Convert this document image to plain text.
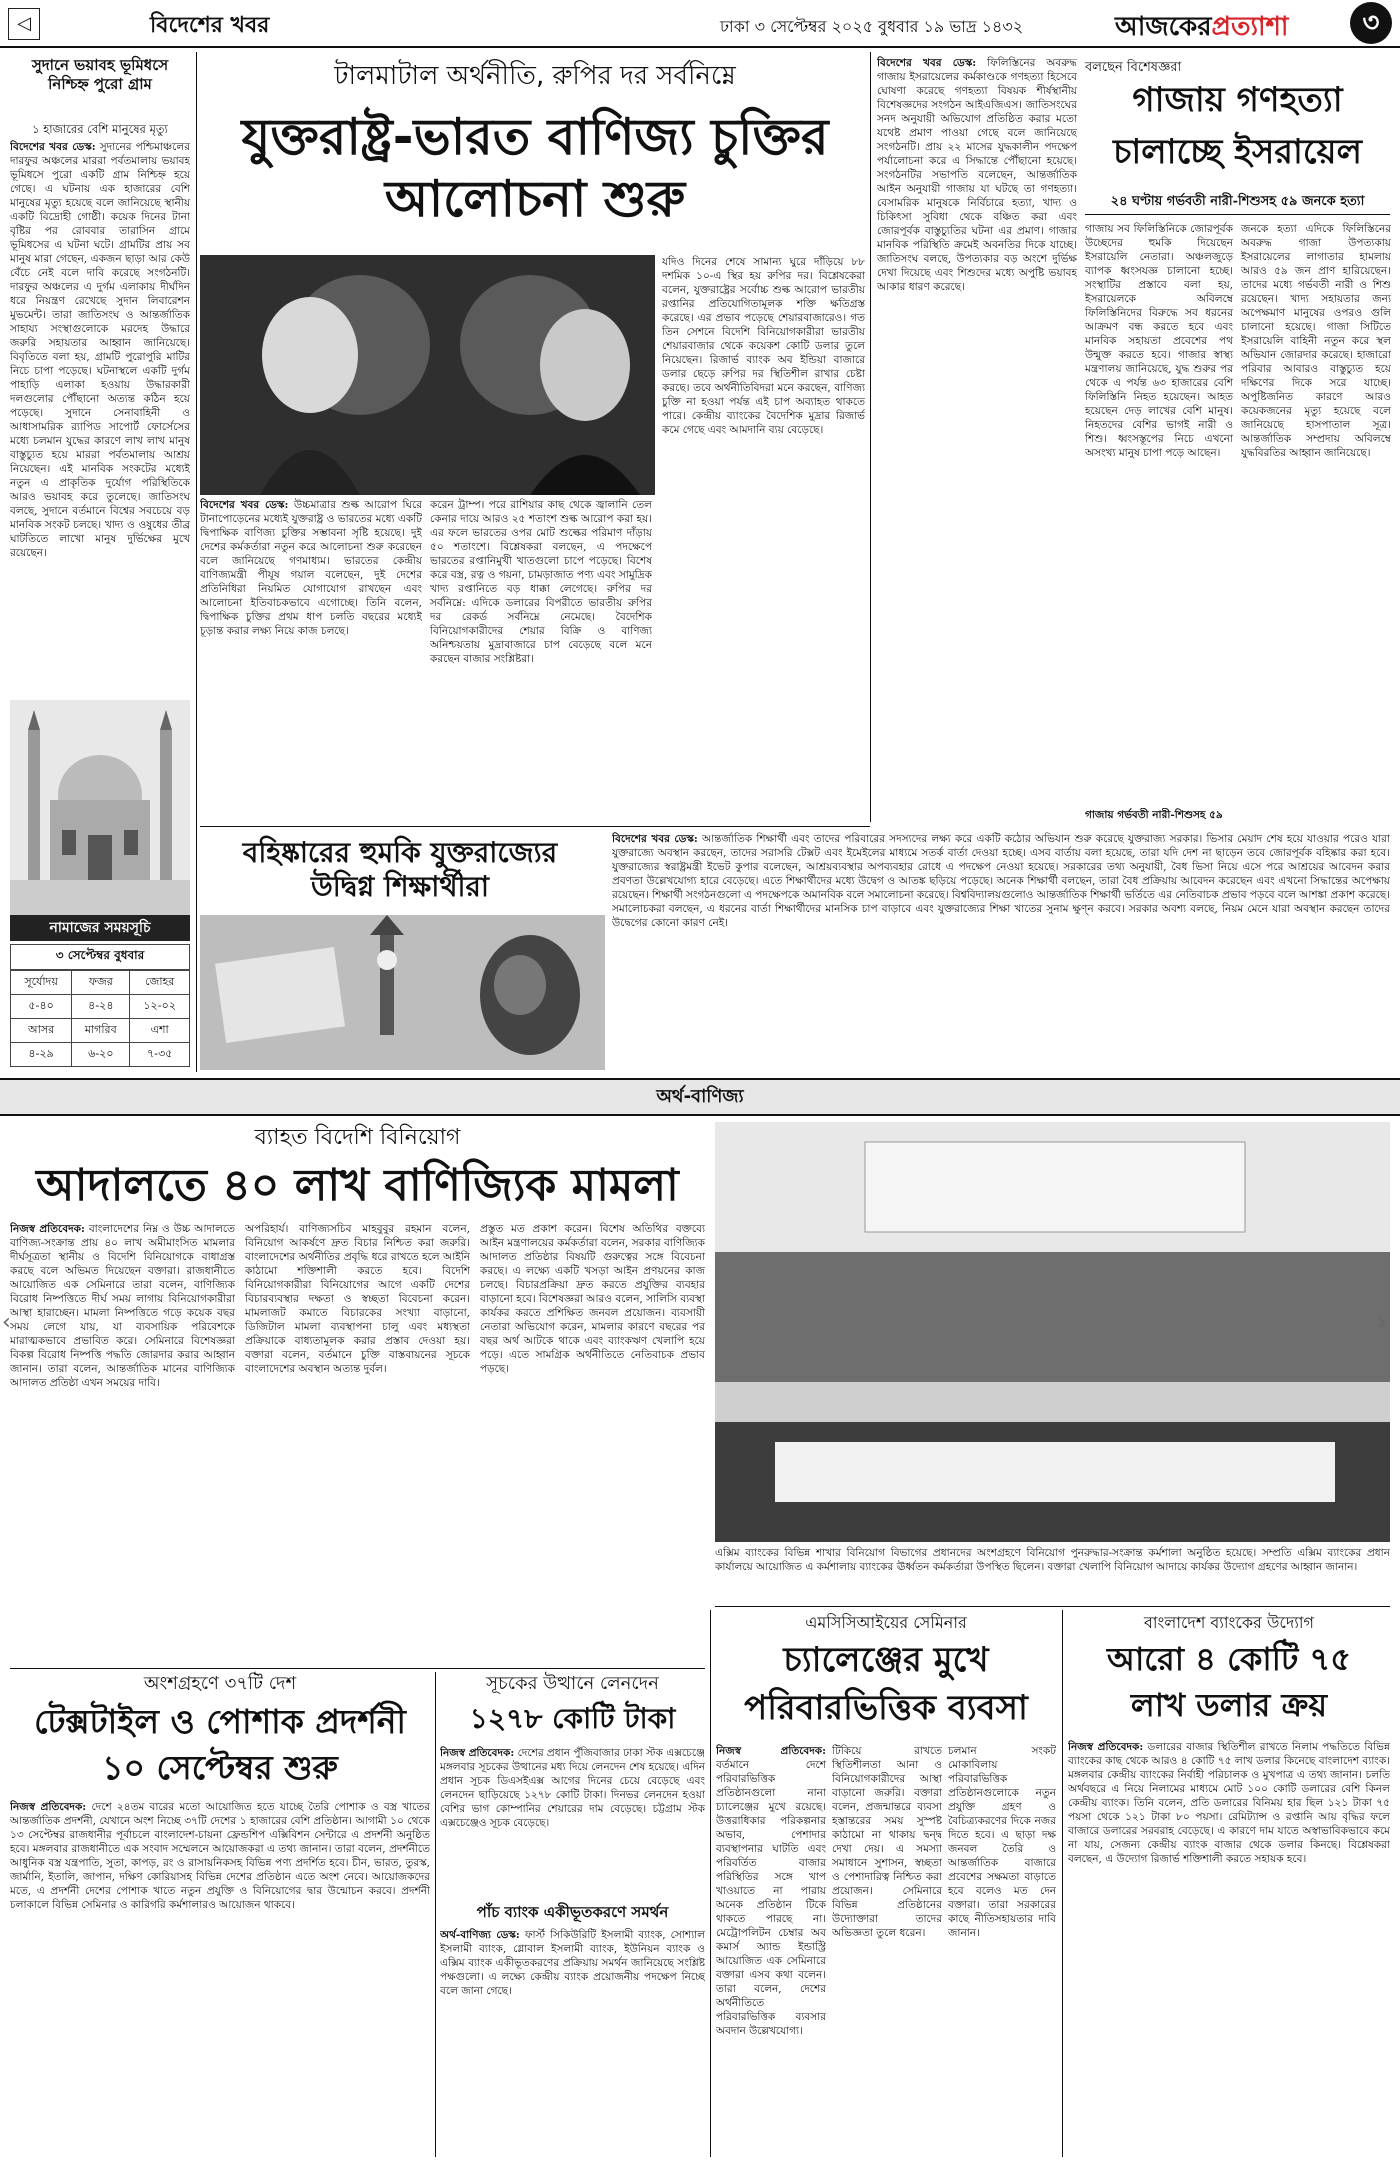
◁	বিদেশের খবর	ঢাকা ৩ সেপ্টেম্বর ২০২৫ বুধবার ১৯ ভাদ্র ১৪৩২	আজকেরপ্রত্যাশা	৩
সুদানে ভয়াবহ ভূমিধসে নিশ্চিহ্ন পুরো গ্রাম
১ হাজারের বেশি মানুষের মৃত্যু
বিদেশের খবর ডেস্ক: সুদানের পশ্চিমাঞ্চলের দারফুর অঞ্চলের মাররা পর্বতমালায় ভয়াবহ ভূমিধসে পুরো একটি গ্রাম নিশ্চিহ্ন হয়ে গেছে। এ ঘটনায় এক হাজারের বেশি মানুষের মৃত্যু হয়েছে বলে জানিয়েছে স্থানীয় একটি বিদ্রোহী গোষ্ঠী। কয়েক দিনের টানা বৃষ্টির পর রোববার তারাসিন গ্রামে ভূমিধসের এ ঘটনা ঘটে। গ্রামটির প্রায় সব মানুষ মারা গেছেন, একজন ছাড়া আর কেউ বেঁচে নেই বলে দাবি করেছে সংগঠনটি। দারফুর অঞ্চলের এ দুর্গম এলাকায় দীর্ঘদিন ধরে নিয়ন্ত্রণ রেখেছে সুদান লিবারেশন মুভমেন্ট। তারা জাতিসংঘ ও আন্তর্জাতিক সাহায্য সংস্থাগুলোকে মরদেহ উদ্ধারে জরুরি সহায়তার আহ্বান জানিয়েছে। বিবৃতিতে বলা হয়, গ্রামটি পুরোপুরি মাটির নিচে চাপা পড়েছে। ঘটনাস্থলে একটি দুর্গম পাহাড়ি এলাকা হওয়ায় উদ্ধারকারী দলগুলোর পৌঁছানো অত্যন্ত কঠিন হয়ে পড়েছে। সুদানে সেনাবাহিনী ও আধাসামরিক র‍্যাপিড সাপোর্ট ফোর্সেসের মধ্যে চলমান যুদ্ধের কারণে লাখ লাখ মানুষ বাস্তুচ্যুত হয়ে মাররা পর্বতমালায় আশ্রয় নিয়েছেন। এই মানবিক সংকটের মধ্যেই নতুন এ প্রাকৃতিক দুর্যোগ পরিস্থিতিকে আরও ভয়াবহ করে তুলেছে। জাতিসংঘ বলছে, সুদানে বর্তমানে বিশ্বের সবচেয়ে বড় মানবিক সংকট চলছে। খাদ্য ও ওষুধের তীব্র ঘাটতিতে লাখো মানুষ দুর্ভিক্ষের মুখে রয়েছেন।
নামাজের সময়সূচি
৩ সেপ্টেম্বর বুধবার
সূর্যোদয়	ফজর	জোহর
৫-৪০	৪-২৪	১২-০২
আসর	মাগরিব	এশা
৪-২৯	৬-২০	৭-৩৫
টালমাটাল অর্থনীতি, রুপির দর সর্বনিম্নে
যুক্তরাষ্ট্র-ভারত বাণিজ্য চুক্তির
আলোচনা শুরু
বিদেশের খবর ডেস্ক: উচ্চমাত্রার শুল্ক আরোপ ঘিরে টানাপোড়েনের মধ্যেই যুক্তরাষ্ট্র ও ভারতের মধ্যে একটি দ্বিপাক্ষিক বাণিজ্য চুক্তির সম্ভাবনা সৃষ্টি হয়েছে। দুই দেশের কর্মকর্তারা নতুন করে আলোচনা শুরু করেছেন বলে জানিয়েছে গণমাধ্যম। ভারতের কেন্দ্রীয় বাণিজ্যমন্ত্রী পীযূষ গয়াল বলেছেন, দুই দেশের প্রতিনিধিরা নিয়মিত যোগাযোগ রাখছেন এবং আলোচনা ইতিবাচকভাবে এগোচ্ছে। তিনি বলেন, দ্বিপাক্ষিক চুক্তির প্রথম ধাপ চলতি বছরের মধ্যেই চূড়ান্ত করার লক্ষ্য নিয়ে কাজ চলছে।
করেন ট্রাম্প। পরে রাশিয়ার কাছ থেকে জ্বালানি তেল কেনার দায়ে আরও ২৫ শতাংশ শুল্ক আরোপ করা হয়। এর ফলে ভারতের ওপর মোট শুল্কের পরিমাণ দাঁড়ায় ৫০ শতাংশে। বিশ্লেষকরা বলছেন, এ পদক্ষেপে ভারতের রপ্তানিমুখী খাতগুলো চাপে পড়েছে। বিশেষ করে বস্ত্র, রত্ন ও গয়না, চামড়াজাত পণ্য এবং সামুদ্রিক খাদ্য রপ্তানিতে বড় ধাক্কা লেগেছে। রুপির দর সর্বনিম্নে: এদিকে ডলারের বিপরীতে ভারতীয় রুপির দর রেকর্ড সর্বনিম্নে নেমেছে। বৈদেশিক বিনিয়োগকারীদের শেয়ার বিক্রি ও বাণিজ্য অনিশ্চয়তায় মুদ্রাবাজারে চাপ বেড়েছে বলে মনে করছেন বাজার সংশ্লিষ্টরা।
যদিও দিনের শেষে সামান্য ঘুরে দাঁড়িয়ে ৮৮ দশমিক ১০-এ স্থির হয় রুপির দর। বিশ্লেষকেরা বলেন, যুক্তরাষ্ট্রের সর্বোচ্চ শুল্ক আরোপ ভারতীয় রপ্তানির প্রতিযোগিতামূলক শক্তি ক্ষতিগ্রস্ত করেছে। এর প্রভাব পড়েছে শেয়ারবাজারেও। গত তিন সেশনে বিদেশি বিনিয়োগকারীরা ভারতীয় শেয়ারবাজার থেকে কয়েকশ কোটি ডলার তুলে নিয়েছেন। রিজার্ভ ব্যাংক অব ইন্ডিয়া বাজারে ডলার ছেড়ে রুপির দর স্থিতিশীল রাখার চেষ্টা করছে। তবে অর্থনীতিবিদরা মনে করছেন, বাণিজ্য চুক্তি না হওয়া পর্যন্ত এই চাপ অব্যাহত থাকতে পারে। কেন্দ্রীয় ব্যাংকের বৈদেশিক মুদ্রার রিজার্ভ কমে গেছে এবং আমদানি ব্যয় বেড়েছে।
বিদেশের খবর ডেস্ক: ফিলিস্তিনের অবরুদ্ধ গাজায় ইসরায়েলের কর্মকাণ্ডকে গণহত্যা হিসেবে ঘোষণা করেছে গণহত্যা বিষয়ক শীর্ষস্থানীয় বিশেষজ্ঞদের সংগঠন আইএজিএস। জাতিসংঘের সনদ অনুযায়ী অভিযোগ প্রতিষ্ঠিত করার মতো যথেষ্ট প্রমাণ পাওয়া গেছে বলে জানিয়েছে সংগঠনটি। প্রায় ২২ মাসের যুদ্ধকালীন পদক্ষেপ পর্যালোচনা করে এ সিদ্ধান্তে পৌঁছানো হয়েছে। সংগঠনটির সভাপতি বলেছেন, আন্তর্জাতিক আইন অনুযায়ী গাজায় যা ঘটছে তা গণহত্যা। বেসামরিক মানুষকে নির্বিচারে হত্যা, খাদ্য ও চিকিৎসা সুবিধা থেকে বঞ্চিত করা এবং জোরপূর্বক বাস্তুচ্যুতির ঘটনা এর প্রমাণ। গাজার মানবিক পরিস্থিতি ক্রমেই অবনতির দিকে যাচ্ছে। জাতিসংঘ বলছে, উপত্যকার বড় অংশে দুর্ভিক্ষ দেখা দিয়েছে এবং শিশুদের মধ্যে অপুষ্টি ভয়াবহ আকার ধারণ করেছে।
বলছেন বিশেষজ্ঞরা
গাজায় গণহত্যা
চালাচ্ছে ইসরায়েল
২৪ ঘণ্টায় গর্ভবতী নারী-শিশুসহ ৫৯ জনকে হত্যা
গাজায় সব ফিলিস্তিনিকে জোরপূর্বক উচ্ছেদের হুমকি দিয়েছেন ইসরায়েলি নেতারা। অঞ্চলজুড়ে ব্যাপক ধ্বংসযজ্ঞ চালানো হচ্ছে। সংস্থাটির প্রস্তাবে বলা হয়, ইসরায়েলকে অবিলম্বে ফিলিস্তিনিদের বিরুদ্ধে সব ধরনের আক্রমণ বন্ধ করতে হবে এবং মানবিক সহায়তা প্রবেশের পথ উন্মুক্ত করতে হবে। গাজার স্বাস্থ্য মন্ত্রণালয় জানিয়েছে, যুদ্ধ শুরুর পর থেকে এ পর্যন্ত ৬৩ হাজারের বেশি ফিলিস্তিনি নিহত হয়েছেন। আহত হয়েছেন দেড় লাখের বেশি মানুষ। নিহতদের বেশির ভাগই নারী ও শিশু। ধ্বংসস্তূপের নিচে এখনো অসংখ্য মানুষ চাপা পড়ে আছেন।
জনকে হত্যা এদিকে ফিলিস্তিনের অবরুদ্ধ গাজা উপত্যকায় ইসরায়েলের লাগাতার হামলায় আরও ৫৯ জন প্রাণ হারিয়েছেন। তাদের মধ্যে গর্ভবতী নারী ও শিশু রয়েছেন। খাদ্য সহায়তার জন্য অপেক্ষমাণ মানুষের ওপরও গুলি চালানো হয়েছে। গাজা সিটিতে ইসরায়েলি বাহিনী নতুন করে স্থল অভিযান জোরদার করেছে। হাজারো পরিবার আবারও বাস্তুচ্যুত হয়ে দক্ষিণের দিকে সরে যাচ্ছে। অপুষ্টিজনিত কারণে আরও কয়েকজনের মৃত্যু হয়েছে বলে জানিয়েছে হাসপাতাল সূত্র। আন্তর্জাতিক সম্প্রদায় অবিলম্বে যুদ্ধবিরতির আহ্বান জানিয়েছে।
গাজায় গর্ভবতী নারী-শিশুসহ ৫৯
বহিষ্কারের হুমকি যুক্তরাজ্যের
উদ্বিগ্ন শিক্ষার্থীরা
বিদেশের খবর ডেস্ক: আন্তর্জাতিক শিক্ষার্থী এবং তাদের পরিবারের সদস্যদের লক্ষ্য করে একটি কঠোর অভিযান শুরু করেছে যুক্তরাজ্য সরকার। ভিসার মেয়াদ শেষ হয়ে যাওয়ার পরেও যারা যুক্তরাজ্যে অবস্থান করছেন, তাদের সরাসরি টেক্সট এবং ইমেইলের মাধ্যমে সতর্ক বার্তা দেওয়া হচ্ছে। এসব বার্তায় বলা হয়েছে, তারা যদি দেশ না ছাড়েন তবে জোরপূর্বক বহিষ্কার করা হবে। যুক্তরাজ্যের স্বরাষ্ট্রমন্ত্রী ইভেট কুপার বলেছেন, আশ্রয়ব্যবস্থার অপব্যবহার রোধে এ পদক্ষেপ নেওয়া হয়েছে। সরকারের তথ্য অনুযায়ী, বৈধ ভিসা নিয়ে এসে পরে আশ্রয়ের আবেদন করার প্রবণতা উল্লেখযোগ্য হারে বেড়েছে। এতে শিক্ষার্থীদের মধ্যে উদ্বেগ ও আতঙ্ক ছড়িয়ে পড়েছে। অনেক শিক্ষার্থী বলছেন, তারা বৈধ প্রক্রিয়ায় আবেদন করেছেন এবং এখনো সিদ্ধান্তের অপেক্ষায় রয়েছেন। শিক্ষার্থী সংগঠনগুলো এ পদক্ষেপকে অমানবিক বলে সমালোচনা করেছে। বিশ্ববিদ্যালয়গুলোও আন্তর্জাতিক শিক্ষার্থী ভর্তিতে এর নেতিবাচক প্রভাব পড়বে বলে আশঙ্কা প্রকাশ করেছে। সমালোচকরা বলছেন, এ ধরনের বার্তা শিক্ষার্থীদের মানসিক চাপ বাড়াবে এবং যুক্তরাজ্যের শিক্ষা খাতের সুনাম ক্ষুণ্ন করবে। সরকার অবশ্য বলছে, নিয়ম মেনে যারা অবস্থান করছেন তাদের উদ্বেগের কোনো কারণ নেই।
অর্থ-বাণিজ্য
ব্যাহত বিদেশি বিনিয়োগ
আদালতে ৪০ লাখ বাণিজ্যিক মামলা
নিজস্ব প্রতিবেদক: বাংলাদেশের নিম্ন ও উচ্চ আদালতে বাণিজ্য-সংক্রান্ত প্রায় ৪০ লাখ অমীমাংসিত মামলার দীর্ঘসূত্রতা স্থানীয় ও বিদেশি বিনিয়োগকে বাধাগ্রস্ত করছে বলে অভিমত দিয়েছেন বক্তারা। রাজধানীতে আয়োজিত এক সেমিনারে তারা বলেন, বাণিজ্যিক বিরোধ নিষ্পত্তিতে দীর্ঘ সময় লাগায় বিনিয়োগকারীরা আস্থা হারাচ্ছেন। মামলা নিষ্পত্তিতে গড়ে কয়েক বছর সময় লেগে যায়, যা ব্যবসায়িক পরিবেশকে মারাত্মকভাবে প্রভাবিত করে। সেমিনারে বিশেষজ্ঞরা বিকল্প বিরোধ নিষ্পত্তি পদ্ধতি জোরদার করার আহ্বান জানান। তারা বলেন, আন্তর্জাতিক মানের বাণিজ্যিক আদালত প্রতিষ্ঠা এখন সময়ের দাবি।
অপরিহার্য। বাণিজ্যসচিব মাহবুবুর রহমান বলেন, বিনিয়োগ আকর্ষণে দ্রুত বিচার নিশ্চিত করা জরুরি। বাংলাদেশের অর্থনীতির প্রবৃদ্ধি ধরে রাখতে হলে আইনি কাঠামো শক্তিশালী করতে হবে। বিদেশি বিনিয়োগকারীরা বিনিয়োগের আগে একটি দেশের বিচারব্যবস্থার দক্ষতা ও স্বচ্ছতা বিবেচনা করেন। মামলাজট কমাতে বিচারকের সংখ্যা বাড়ানো, ডিজিটাল মামলা ব্যবস্থাপনা চালু এবং মধ্যস্থতা প্রক্রিয়াকে বাধ্যতামূলক করার প্রস্তাব দেওয়া হয়। বক্তারা বলেন, বর্তমানে চুক্তি বাস্তবায়নের সূচকে বাংলাদেশের অবস্থান অত্যন্ত দুর্বল।
প্রস্তুত মত প্রকাশ করেন। বিশেষ অতিথির বক্তব্যে আইন মন্ত্রণালয়ের কর্মকর্তারা বলেন, সরকার বাণিজ্যিক আদালত প্রতিষ্ঠার বিষয়টি গুরুত্বের সঙ্গে বিবেচনা করছে। এ লক্ষ্যে একটি খসড়া আইন প্রণয়নের কাজ চলছে। বিচারপ্রক্রিয়া দ্রুত করতে প্রযুক্তির ব্যবহার বাড়ানো হবে। বিশেষজ্ঞরা আরও বলেন, সালিসি ব্যবস্থা কার্যকর করতে প্রশিক্ষিত জনবল প্রয়োজন। ব্যবসায়ী নেতারা অভিযোগ করেন, মামলার কারণে বছরের পর বছর অর্থ আটকে থাকে এবং ব্যাংকঋণ খেলাপি হয়ে পড়ে। এতে সামগ্রিক অর্থনীতিতে নেতিবাচক প্রভাব পড়ছে।
এক্সিম ব্যাংকের বিভিন্ন শাখার বিনিয়োগ বিভাগের প্রধানদের অংশগ্রহণে বিনিয়োগ পুনরুদ্ধার-সংক্রান্ত কর্মশালা অনুষ্ঠিত হয়েছে। সম্প্রতি এক্সিম ব্যাংকের প্রধান কার্যালয়ে আয়োজিত এ কর্মশালায় ব্যাংকের ঊর্ধ্বতন কর্মকর্তারা উপস্থিত ছিলেন। বক্তারা খেলাপি বিনিয়োগ আদায়ে কার্যকর উদ্যোগ গ্রহণের আহ্বান জানান।
অংশগ্রহণে ৩৭টি দেশ
টেক্সটাইল ও পোশাক প্রদর্শনী
১০ সেপ্টেম্বর শুরু
নিজস্ব প্রতিবেদক: দেশে ২৪তম বারের মতো আয়োজিত হতে যাচ্ছে তৈরি পোশাক ও বস্ত্র খাতের আন্তর্জাতিক প্রদর্শনী, যেখানে অংশ নিচ্ছে ৩৭টি দেশের ১ হাজারের বেশি প্রতিষ্ঠান। আগামী ১০ থেকে ১৩ সেপ্টেম্বর রাজধানীর পূর্বাচলে বাংলাদেশ-চায়না ফ্রেন্ডশিপ এক্সিবিশন সেন্টারে এ প্রদর্শনী অনুষ্ঠিত হবে। মঙ্গলবার রাজধানীতে এক সংবাদ সম্মেলনে আয়োজকরা এ তথ্য জানান। তারা বলেন, প্রদর্শনীতে আধুনিক বস্ত্র যন্ত্রপাতি, সুতা, কাপড়, রং ও রাসায়নিকসহ বিভিন্ন পণ্য প্রদর্শিত হবে। চীন, ভারত, তুরস্ক, জার্মানি, ইতালি, জাপান, দক্ষিণ কোরিয়াসহ বিভিন্ন দেশের প্রতিষ্ঠান এতে অংশ নেবে। আয়োজকদের মতে, এ প্রদর্শনী দেশের পোশাক খাতে নতুন প্রযুক্তি ও বিনিয়োগের দ্বার উন্মোচন করবে। প্রদর্শনী চলাকালে বিভিন্ন সেমিনার ও কারিগরি কর্মশালারও আয়োজন থাকবে।
সূচকের উত্থানে লেনদেন
১২৭৮ কোটি টাকা
নিজস্ব প্রতিবেদক: দেশের প্রধান পুঁজিবাজার ঢাকা স্টক এক্সচেঞ্জে মঙ্গলবার সূচকের উত্থানের মধ্য দিয়ে লেনদেন শেষ হয়েছে। এদিন প্রধান সূচক ডিএসইএক্স আগের দিনের চেয়ে বেড়েছে এবং লেনদেন ছাড়িয়েছে ১২৭৮ কোটি টাকা। দিনভর লেনদেন হওয়া বেশির ভাগ কোম্পানির শেয়ারের দাম বেড়েছে। চট্টগ্রাম স্টক এক্সচেঞ্জেও সূচক বেড়েছে।
পাঁচ ব্যাংক একীভূতকরণে সমর্থন
অর্থ-বাণিজ্য ডেস্ক: ফার্স্ট সিকিউরিটি ইসলামী ব্যাংক, সোশ্যাল ইসলামী ব্যাংক, গ্লোবাল ইসলামী ব্যাংক, ইউনিয়ন ব্যাংক ও এক্সিম ব্যাংক একীভূতকরণের প্রক্রিয়ায় সমর্থন জানিয়েছে সংশ্লিষ্ট পক্ষগুলো। এ লক্ষ্যে কেন্দ্রীয় ব্যাংক প্রয়োজনীয় পদক্ষেপ নিচ্ছে বলে জানা গেছে।
এমসিসিআইয়ের সেমিনার
চ্যালেঞ্জের মুখে
পরিবারভিত্তিক ব্যবসা
নিজস্ব প্রতিবেদক: বর্তমানে দেশে পরিবারভিত্তিক প্রতিষ্ঠানগুলো নানা চ্যালেঞ্জের মুখে রয়েছে। উত্তরাধিকার পরিকল্পনার অভাব, পেশাদার ব্যবস্থাপনার ঘাটতি এবং পরিবর্তিত বাজার পরিস্থিতির সঙ্গে খাপ খাওয়াতে না পারায় অনেক প্রতিষ্ঠান টিকে থাকতে পারছে না। মেট্রোপলিটন চেম্বার অব কমার্স অ্যান্ড ইন্ডাস্ট্রি আয়োজিত এক সেমিনারে বক্তারা এসব কথা বলেন। তারা বলেন, দেশের অর্থনীতিতে পরিবারভিত্তিক ব্যবসার অবদান উল্লেখযোগ্য।
টিকিয়ে রাখতে স্থিতিশীলতা আনা ও বিনিয়োগকারীদের আস্থা বাড়ানো জরুরি। বক্তারা বলেন, প্রজন্মান্তরে ব্যবসা হস্তান্তরের সময় সুস্পষ্ট কাঠামো না থাকায় দ্বন্দ্ব দেখা দেয়। এ সমস্যা সমাধানে সুশাসন, স্বচ্ছতা ও পেশাদারিত্ব নিশ্চিত করা প্রয়োজন। সেমিনারে বিভিন্ন প্রতিষ্ঠানের উদ্যোক্তারা তাদের অভিজ্ঞতা তুলে ধরেন।
চলমান সংকট মোকাবিলায় পরিবারভিত্তিক প্রতিষ্ঠানগুলোকে নতুন প্রযুক্তি গ্রহণ ও বৈচিত্র্যকরণের দিকে নজর দিতে হবে। এ ছাড়া দক্ষ জনবল তৈরি ও আন্তর্জাতিক বাজারে প্রবেশের সক্ষমতা বাড়াতে হবে বলেও মত দেন বক্তারা। তারা সরকারের কাছে নীতিসহায়তার দাবি জানান।
বাংলাদেশ ব্যাংকের উদ্যোগ
আরো ৪ কোটি ৭৫
লাখ ডলার ক্রয়
নিজস্ব প্রতিবেদক: ডলারের বাজার স্থিতিশীল রাখতে নিলাম পদ্ধতিতে বিভিন্ন ব্যাংকের কাছ থেকে আরও ৪ কোটি ৭৫ লাখ ডলার কিনেছে বাংলাদেশ ব্যাংক। মঙ্গলবার কেন্দ্রীয় ব্যাংকের নির্বাহী পরিচালক ও মুখপাত্র এ তথ্য জানান। চলতি অর্থবছরে এ নিয়ে নিলামের মাধ্যমে মোট ১০০ কোটি ডলারের বেশি কিনল কেন্দ্রীয় ব্যাংক। তিনি বলেন, প্রতি ডলারের বিনিময় হার ছিল ১২১ টাকা ৭৫ পয়সা থেকে ১২১ টাকা ৮০ পয়সা। রেমিট্যান্স ও রপ্তানি আয় বৃদ্ধির ফলে বাজারে ডলারের সরবরাহ বেড়েছে। এ কারণে দাম যাতে অস্বাভাবিকভাবে কমে না যায়, সেজন্য কেন্দ্রীয় ব্যাংক বাজার থেকে ডলার কিনছে। বিশ্লেষকরা বলছেন, এ উদ্যোগ রিজার্ভ শক্তিশালী করতে সহায়ক হবে।
‹	›
